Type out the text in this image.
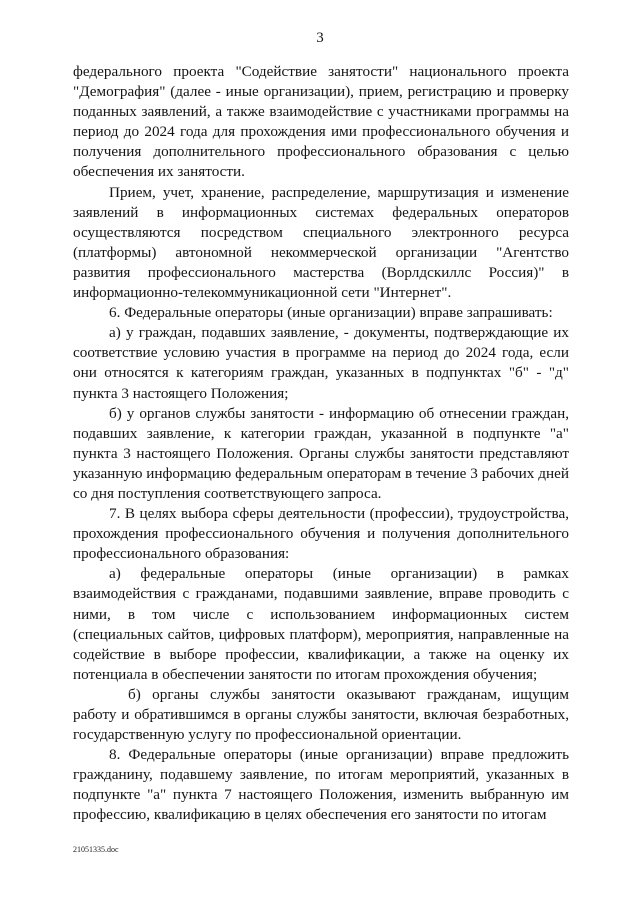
3

федерального проекта "Содействие занятости" национального проекта "Демография" (далее - иные организации), прием, регистрацию и проверку поданных заявлений, а также взаимодействие с участниками программы на период до 2024 года для прохождения ими профессионального обучения и получения дополнительного профессионального образования с целью обеспечения их занятости.

Прием, учет, хранение, распределение, маршрутизация и изменение заявлений в информационных системах федеральных операторов осуществляются посредством специального электронного ресурса (платформы) автономной некоммерческой организации "Агентство развития профессионального мастерства (Ворлдскиллс Россия)" в информационно-телекоммуникационной сети "Интернет".

6. Федеральные операторы (иные организации) вправе запрашивать:

а) у граждан, подавших заявление, - документы, подтверждающие их соответствие условию участия в программе на период до 2024 года, если они относятся к категориям граждан, указанных в подпунктах "б" - "д" пункта 3 настоящего Положения;

б) у органов службы занятости - информацию об отнесении граждан, подавших заявление, к категории граждан, указанной в подпункте "а" пункта 3 настоящего Положения. Органы службы занятости представляют указанную информацию федеральным операторам в течение 3 рабочих дней со дня поступления соответствующего запроса.

7. В целях выбора сферы деятельности (профессии), трудоустройства, прохождения профессионального обучения и получения дополнительного профессионального образования:

а) федеральные операторы (иные организации) в рамках взаимодействия с гражданами, подавшими заявление, вправе проводить с ними, в том числе с использованием информационных систем (специальных сайтов, цифровых платформ), мероприятия, направленные на содействие в выборе профессии, квалификации, а также на оценку их потенциала в обеспечении занятости по итогам прохождения обучения;

б) органы службы занятости оказывают гражданам, ищущим работу и обратившимся в органы службы занятости, включая безработных, государственную услугу по профессиональной ориентации.

8. Федеральные операторы (иные организации) вправе предложить гражданину, подавшему заявление, по итогам мероприятий, указанных в подпункте "а" пункта 7 настоящего Положения, изменить выбранную им профессию, квалификацию в целях обеспечения его занятости по итогам

21051335.doc
